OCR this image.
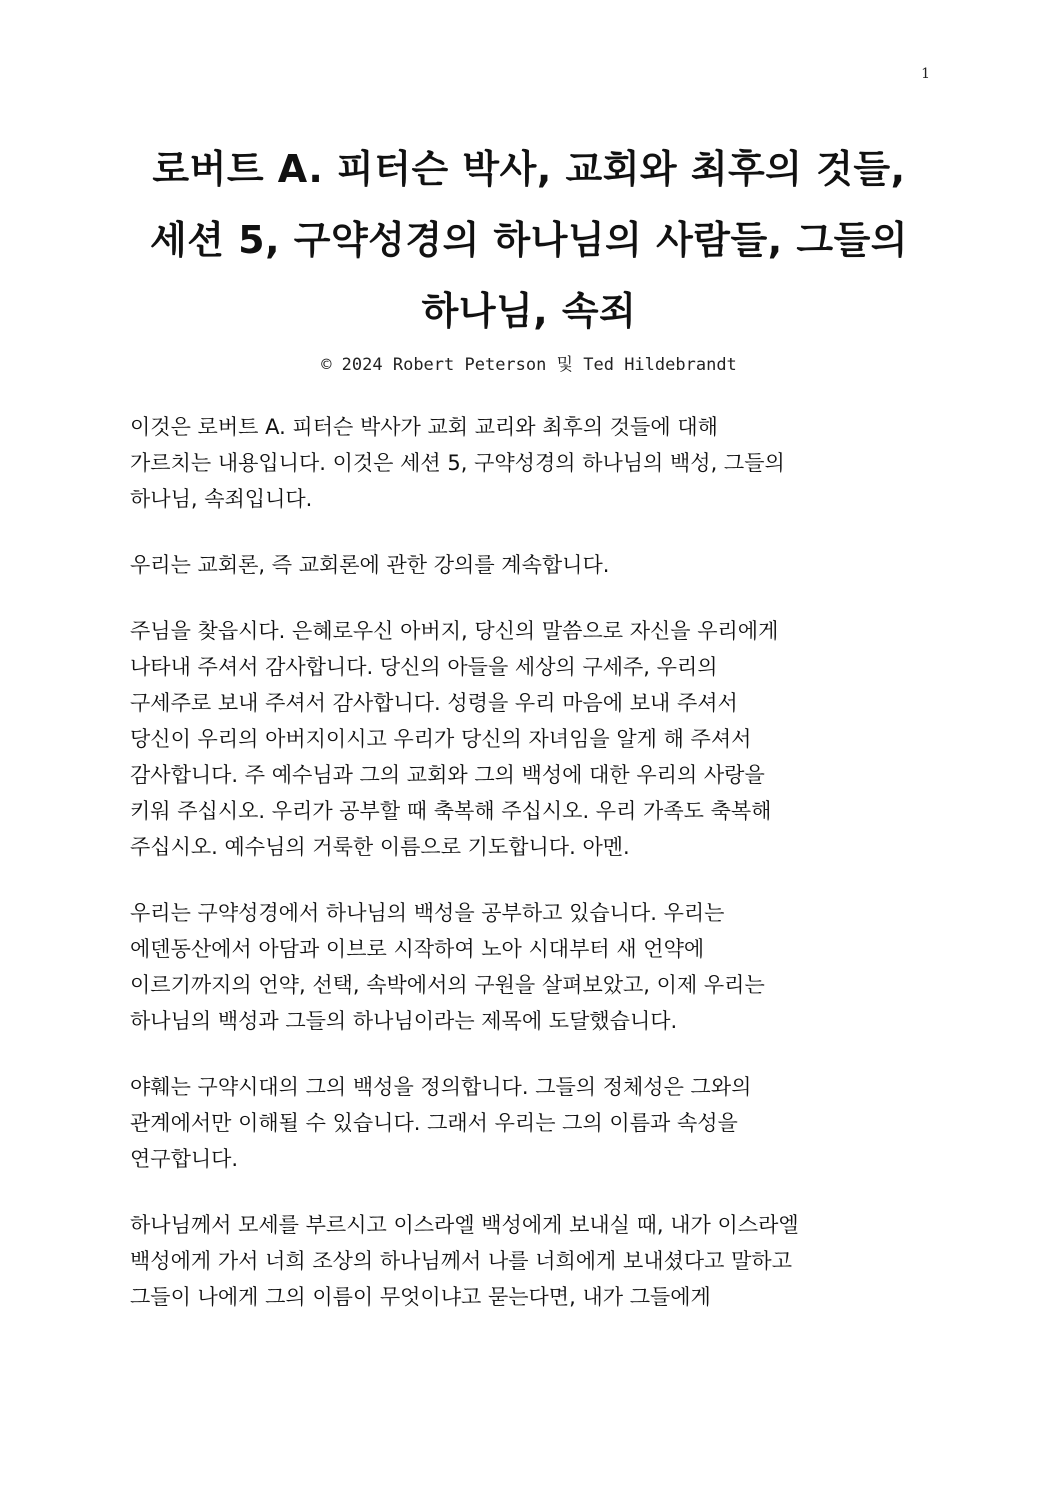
1
로버트 A. 피터슨 박사, 교회와 최후의 것들,
세션 5, 구약성경의 하나님의 사람들, 그들의
하나님, 속죄
© 2024 Robert Peterson 및 Ted Hildebrandt

이것은 로버트 A. 피터슨 박사가 교회 교리와 최후의 것들에 대해
가르치는 내용입니다. 이것은 세션 5, 구약성경의 하나님의 백성, 그들의
하나님, 속죄입니다.

우리는 교회론, 즉 교회론에 관한 강의를 계속합니다.

주님을 찾읍시다. 은혜로우신 아버지, 당신의 말씀으로 자신을 우리에게
나타내 주셔서 감사합니다. 당신의 아들을 세상의 구세주, 우리의
구세주로 보내 주셔서 감사합니다. 성령을 우리 마음에 보내 주셔서
당신이 우리의 아버지이시고 우리가 당신의 자녀임을 알게 해 주셔서
감사합니다. 주 예수님과 그의 교회와 그의 백성에 대한 우리의 사랑을
키워 주십시오. 우리가 공부할 때 축복해 주십시오. 우리 가족도 축복해
주십시오. 예수님의 거룩한 이름으로 기도합니다. 아멘.

우리는 구약성경에서 하나님의 백성을 공부하고 있습니다. 우리는
에덴동산에서 아담과 이브로 시작하여 노아 시대부터 새 언약에
이르기까지의 언약, 선택, 속박에서의 구원을 살펴보았고, 이제 우리는
하나님의 백성과 그들의 하나님이라는 제목에 도달했습니다.

야훼는 구약시대의 그의 백성을 정의합니다. 그들의 정체성은 그와의
관계에서만 이해될 수 있습니다. 그래서 우리는 그의 이름과 속성을
연구합니다.

하나님께서 모세를 부르시고 이스라엘 백성에게 보내실 때, 내가 이스라엘
백성에게 가서 너희 조상의 하나님께서 나를 너희에게 보내셨다고 말하고
그들이 나에게 그의 이름이 무엇이냐고 묻는다면, 내가 그들에게
